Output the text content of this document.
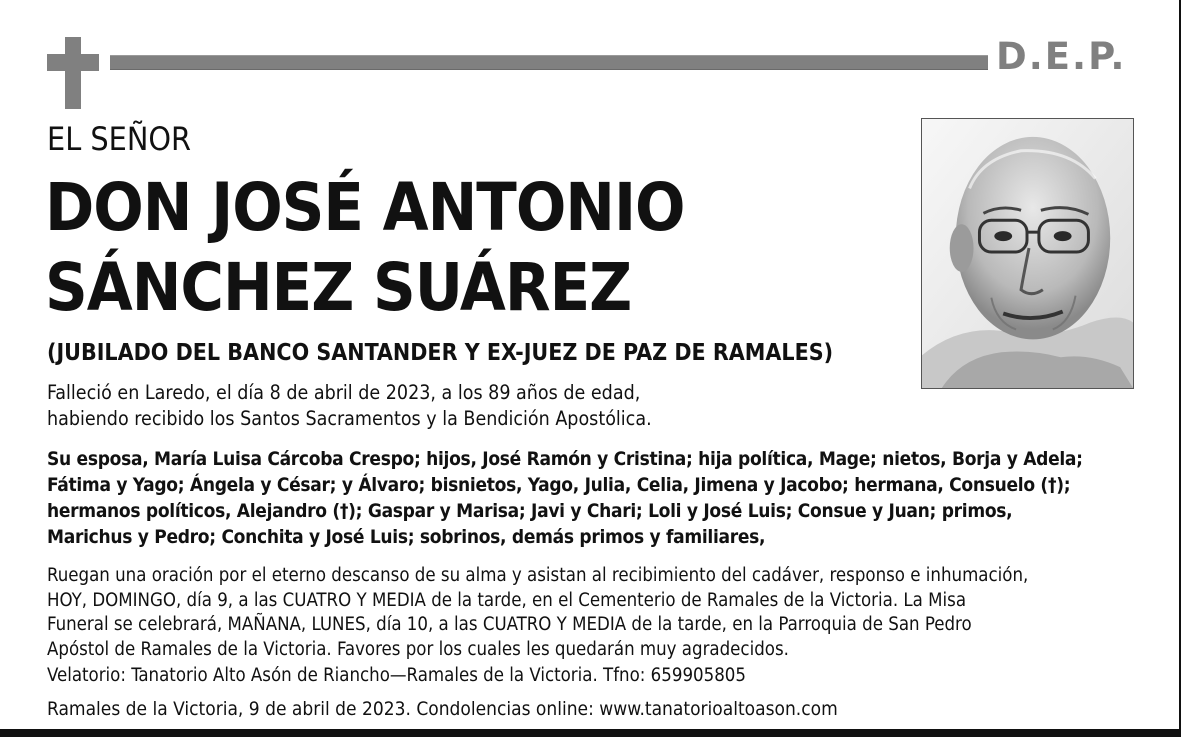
D.E.P.
EL SEÑOR
DON JOSÉ ANTONIO
SÁNCHEZ SUÁREZ
(JUBILADO DEL BANCO SANTANDER Y EX-JUEZ DE PAZ DE RAMALES)
Falleció en Laredo, el día 8 de abril de 2023, a los 89 años de edad,
habiendo recibido los Santos Sacramentos y la Bendición Apostólica.
Su esposa, María Luisa Cárcoba Crespo; hijos, José Ramón y Cristina; hija política, Mage; nietos, Borja y Adela;
Fátima y Yago; Ángela y César; y Álvaro; bisnietos, Yago, Julia, Celia, Jimena y Jacobo; hermana, Consuelo (†);
hermanos políticos, Alejandro (†); Gaspar y Marisa; Javi y Chari; Loli y José Luis; Consue y Juan; primos,
Marichus y Pedro; Conchita y José Luis; sobrinos, demás primos y familiares,
Ruegan una oración por el eterno descanso de su alma y asistan al recibimiento del cadáver, responso e inhumación,
HOY, DOMINGO, día 9, a las CUATRO Y MEDIA de la tarde, en el Cementerio de Ramales de la Victoria. La Misa
Funeral se celebrará, MAÑANA, LUNES, día 10, a las CUATRO Y MEDIA de la tarde, en la Parroquia de San Pedro
Apóstol de Ramales de la Victoria. Favores por los cuales les quedarán muy agradecidos.
Velatorio: Tanatorio Alto Asón de Riancho—Ramales de la Victoria. Tfno: 659905805
Ramales de la Victoria, 9 de abril de 2023. Condolencias online: www.tanatorioaltoason.com
